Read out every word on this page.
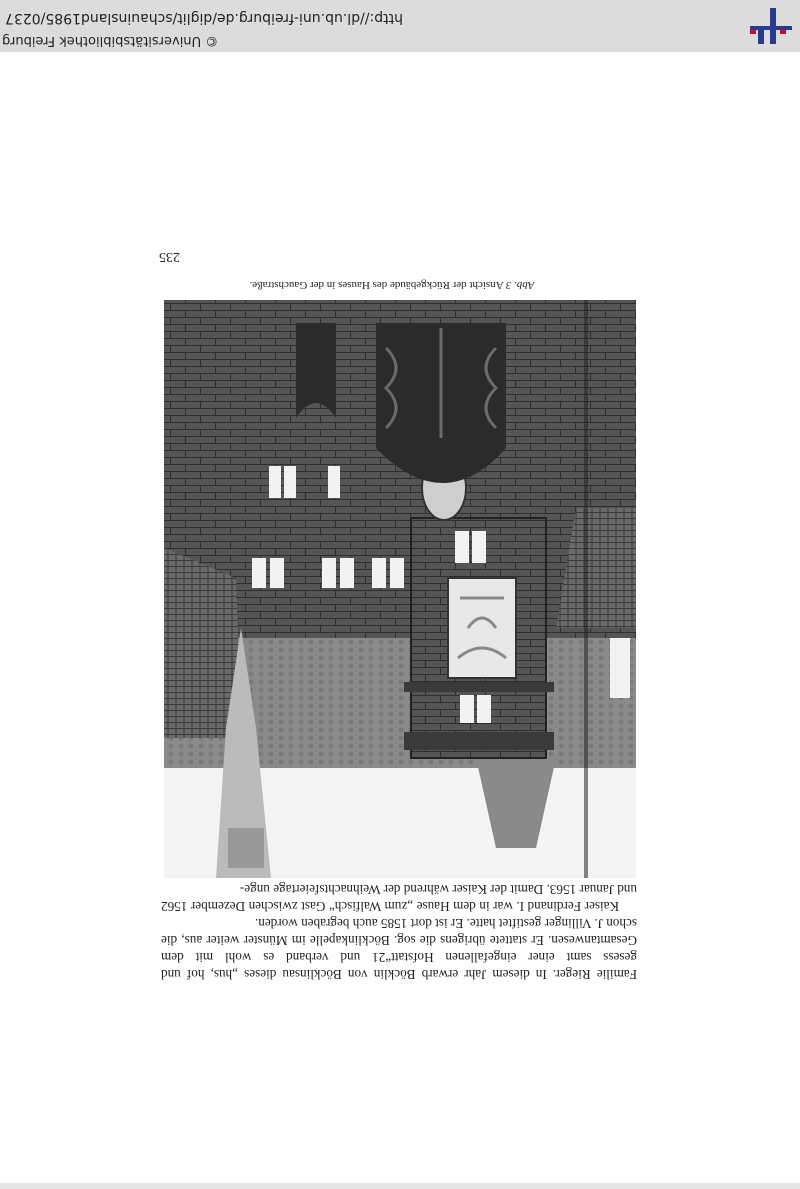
Familie Rieger. In diesem Jahr erwarb Böcklin von Böcklinsau dieses „hus, hof und gesess samt einer eingefallenen Hofstatt“21 und verband es wohl mit dem Gesamtanwesen. Er stattete übrigens die sog. Böcklinkapelle im Münster weiter aus, die schon J. Villinger gestiftet hatte. Er ist dort 1585 auch begraben worden.

Kaiser Ferdinand I. war in dem Hause „zum Walfisch“ Gast zwischen Dezember 1562 und Januar 1563. Damit der Kaiser während der Weihnachtsfeiertage unge-

Abb. 3 Ansicht der Rückgebäude des Hauses in der Gauchstraße.
235
© Universitätsbibliothek Freiburg
http://dl.ub.uni-freiburg.de/diglit/schauinsland1985/0237
